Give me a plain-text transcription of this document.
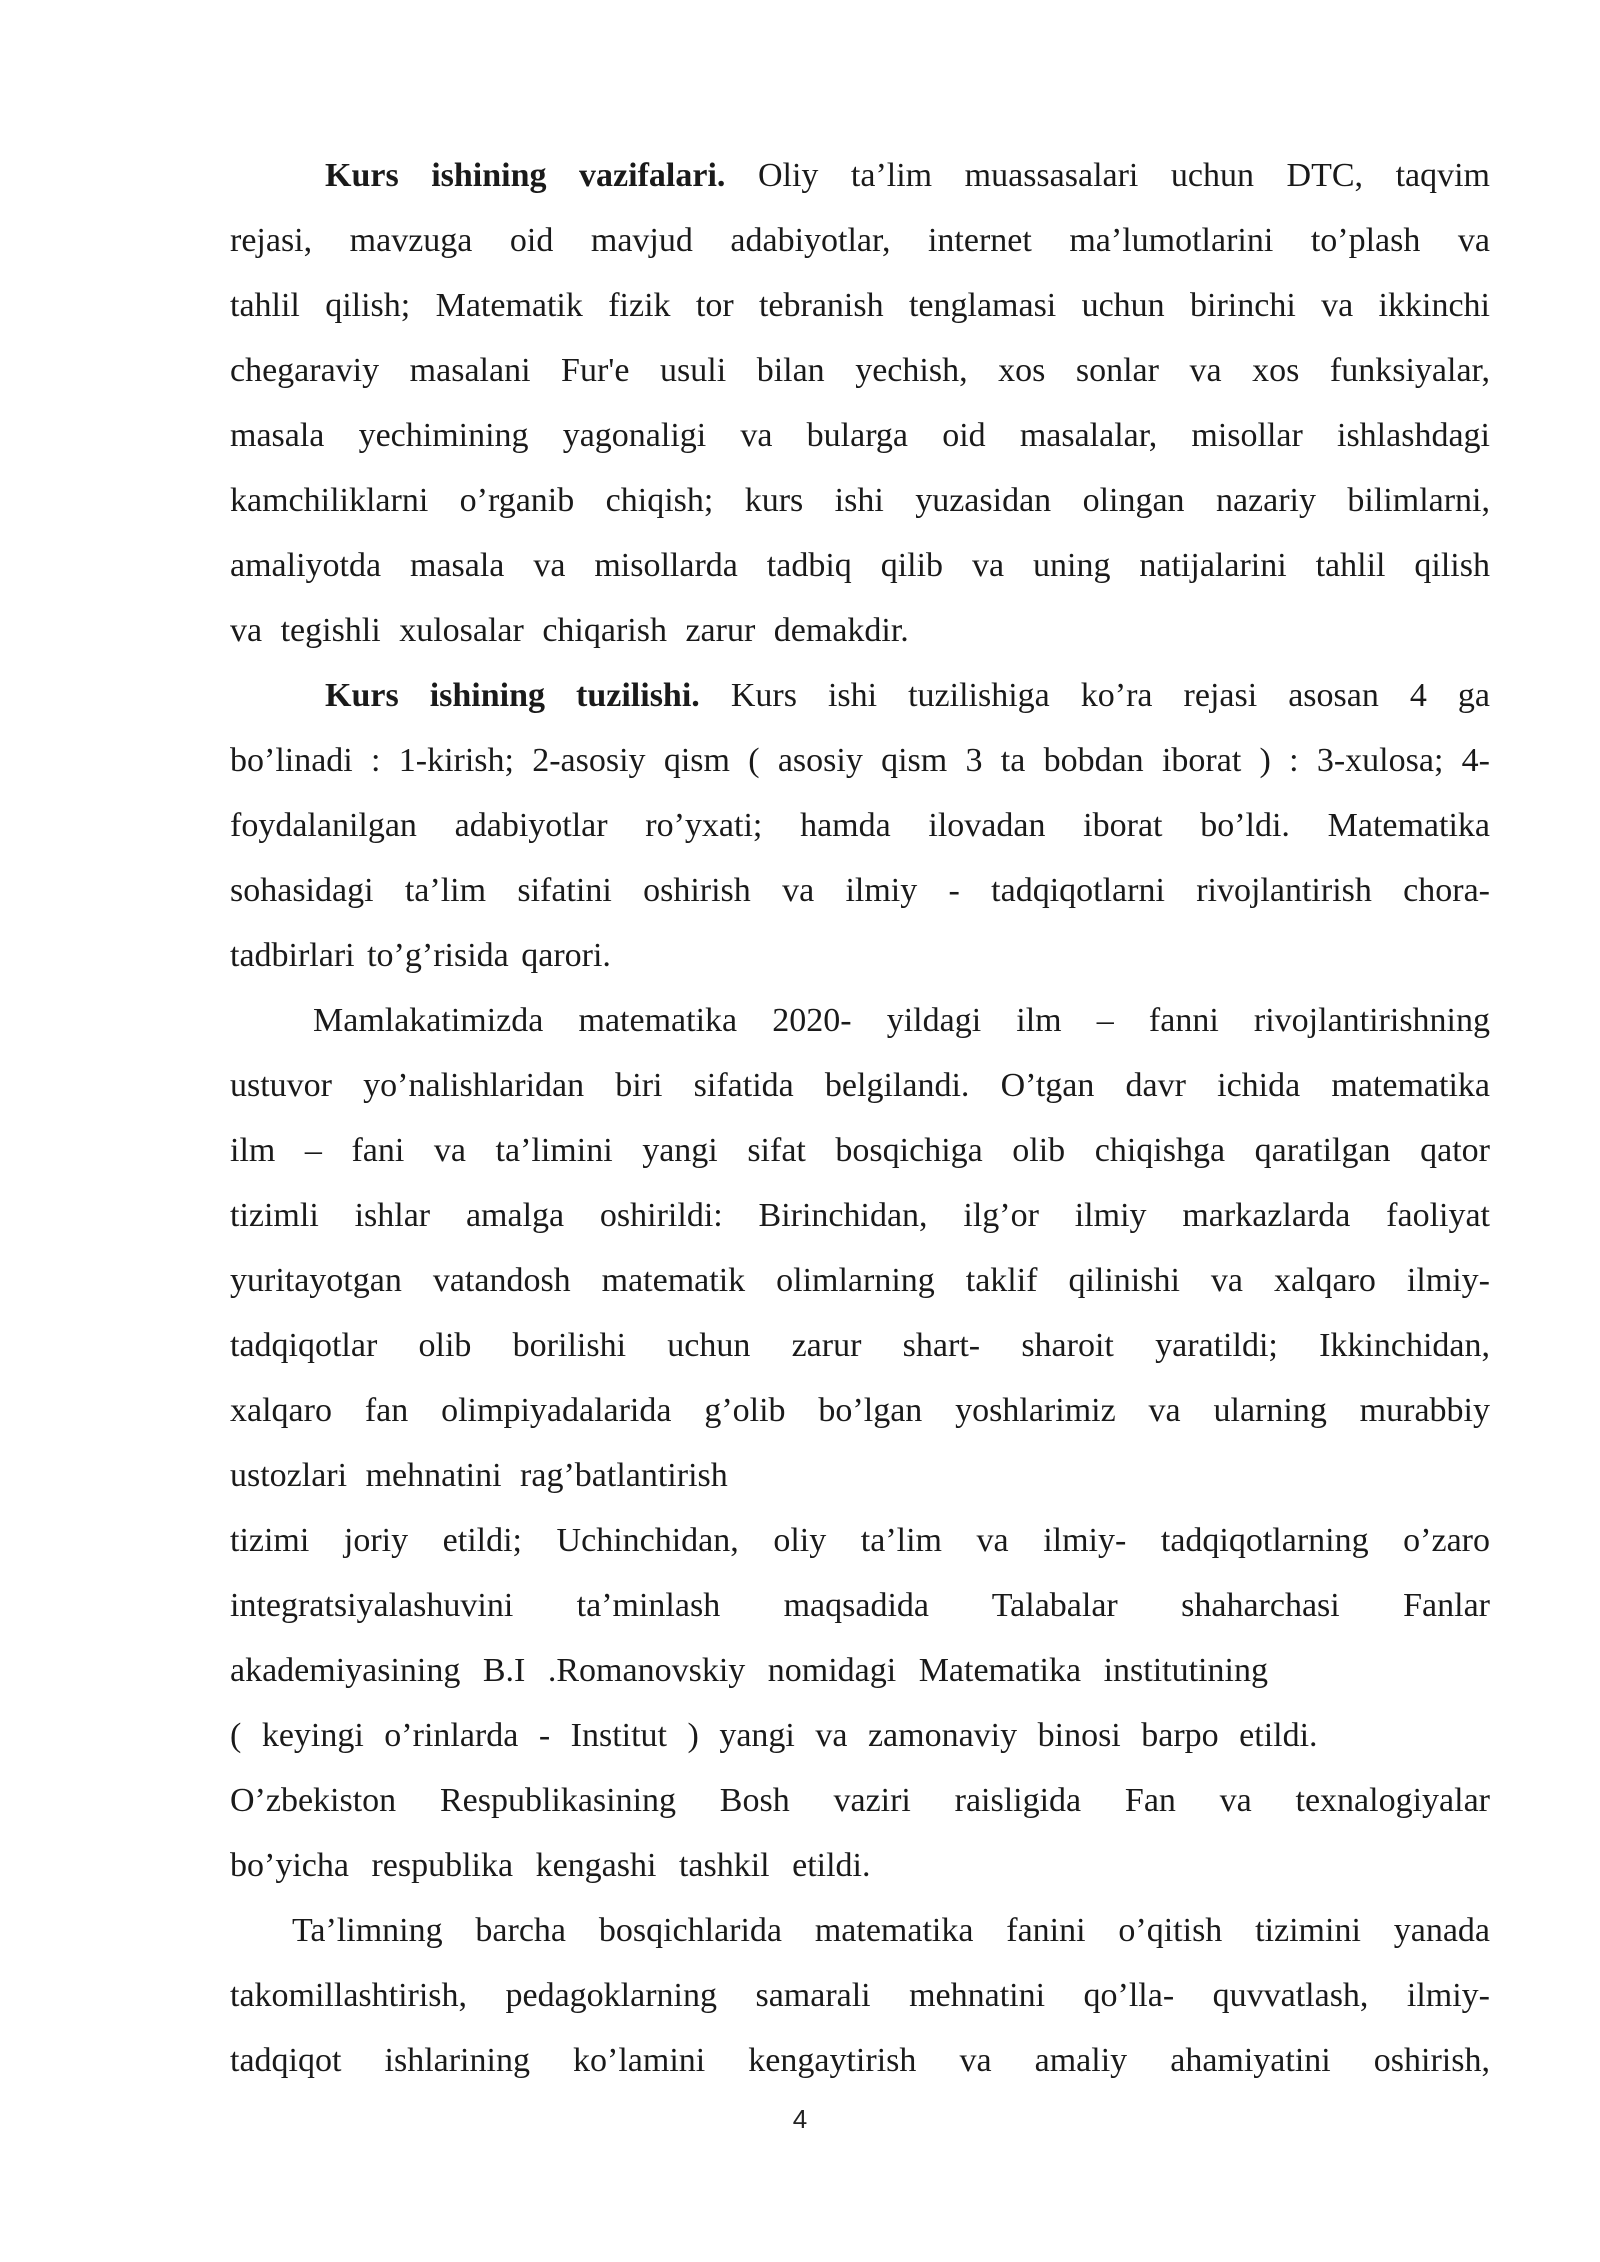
Kurs ishining vazifalari. Oliy ta’lim muassasalari uchun DTC, taqvim
rejasi, mavzuga oid mavjud adabiyotlar, internet ma’lumotlarini to’plash va
tahlil qilish; Matematik fizik tor tebranish tenglamasi uchun birinchi va ikkinchi
chegaraviy masalani Fur'e usuli bilan yechish, xos sonlar va xos funksiyalar,
masala yechimining yagonaligi va bularga oid masalalar, misollar ishlashdagi
kamchiliklarni o’rganib chiqish; kurs ishi yuzasidan olingan nazariy bilimlarni,
amaliyotda masala va misollarda tadbiq qilib va uning natijalarini tahlil qilish
va tegishli xulosalar chiqarish zarur demakdir.
Kurs ishining tuzilishi. Kurs ishi tuzilishiga ko’ra rejasi asosan 4 ga
bo’linadi : 1-kirish; 2-asosiy qism ( asosiy qism 3 ta bobdan iborat ) : 3-xulosa; 4-
foydalanilgan adabiyotlar ro’yxati; hamda ilovadan iborat bo’ldi. Matematika
sohasidagi ta’lim sifatini oshirish va ilmiy - tadqiqotlarni rivojlantirish chora-
tadbirlari to’g’risida qarori.
Mamlakatimizda matematika 2020- yildagi ilm – fanni rivojlantirishning
ustuvor yo’nalishlaridan biri sifatida belgilandi. O’tgan davr ichida matematika
ilm – fani va ta’limini yangi sifat bosqichiga olib chiqishga qaratilgan qator
tizimli ishlar amalga oshirildi: Birinchidan, ilg’or ilmiy markazlarda faoliyat
yuritayotgan vatandosh matematik olimlarning taklif qilinishi va xalqaro ilmiy-
tadqiqotlar olib borilishi uchun zarur shart- sharoit yaratildi; Ikkinchidan,
xalqaro fan olimpiyadalarida g’olib bo’lgan yoshlarimiz va ularning murabbiy
ustozlari mehnatini rag’batlantirish
tizimi joriy etildi; Uchinchidan, oliy ta’lim va ilmiy- tadqiqotlarning o’zaro
integratsiyalashuvini ta’minlash maqsadida Talabalar shaharchasi Fanlar
akademiyasining B.I .Romanovskiy nomidagi Matematika institutining
( keyingi o’rinlarda - Institut ) yangi va zamonaviy binosi barpo etildi.
O’zbekiston Respublikasining Bosh vaziri raisligida Fan va texnalogiyalar
bo’yicha respublika kengashi tashkil etildi.
Ta’limning barcha bosqichlarida matematika fanini o’qitish tizimini yanada
takomillashtirish, pedagoklarning samarali mehnatini qo’lla- quvvatlash, ilmiy-
tadqiqot ishlarining ko’lamini kengaytirish va amaliy ahamiyatini oshirish,
4
